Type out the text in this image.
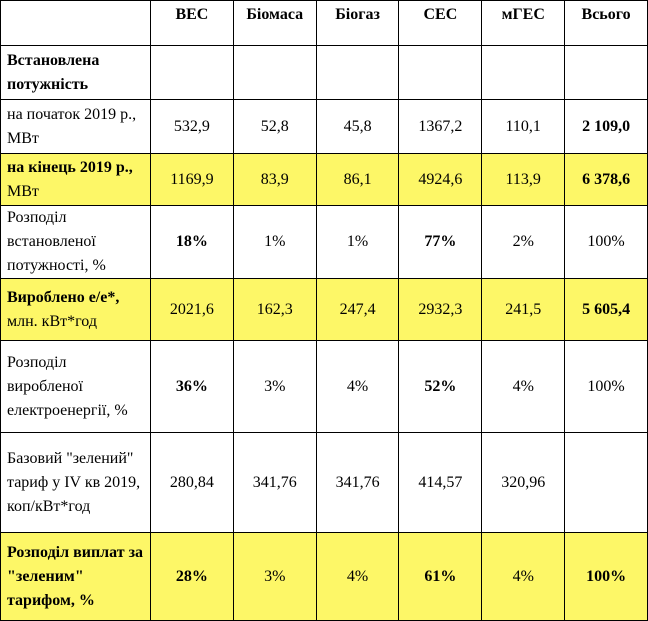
	ВЕС	Біомаса	Біогаз	СЕС	мГЕС	Всього
Встановлена потужність						
на початок 2019 р., МВт	532,9	52,8	45,8	1367,2	110,1	2 109,0
на кінець 2019 р., МВт	1169,9	83,9	86,1	4924,6	113,9	6 378,6
Розподіл встановленої потужності, %	18%	1%	1%	77%	2%	100%

Вироблено е/е*,
млн. кВт*год	2021,6	162,3	247,4	2932,3	241,5	5 605,4
Розподіл виробленої електроенергії, %	36%	3%	4%	52%	4%	100%
Базовий "зелений" тариф у IV кв 2019, коп/кВт*год	280,84	341,76	341,76	414,57	320,96	
Розподіл виплат за "зеленим" тарифом, %	28%	3%	4%	61%	4%	100%
